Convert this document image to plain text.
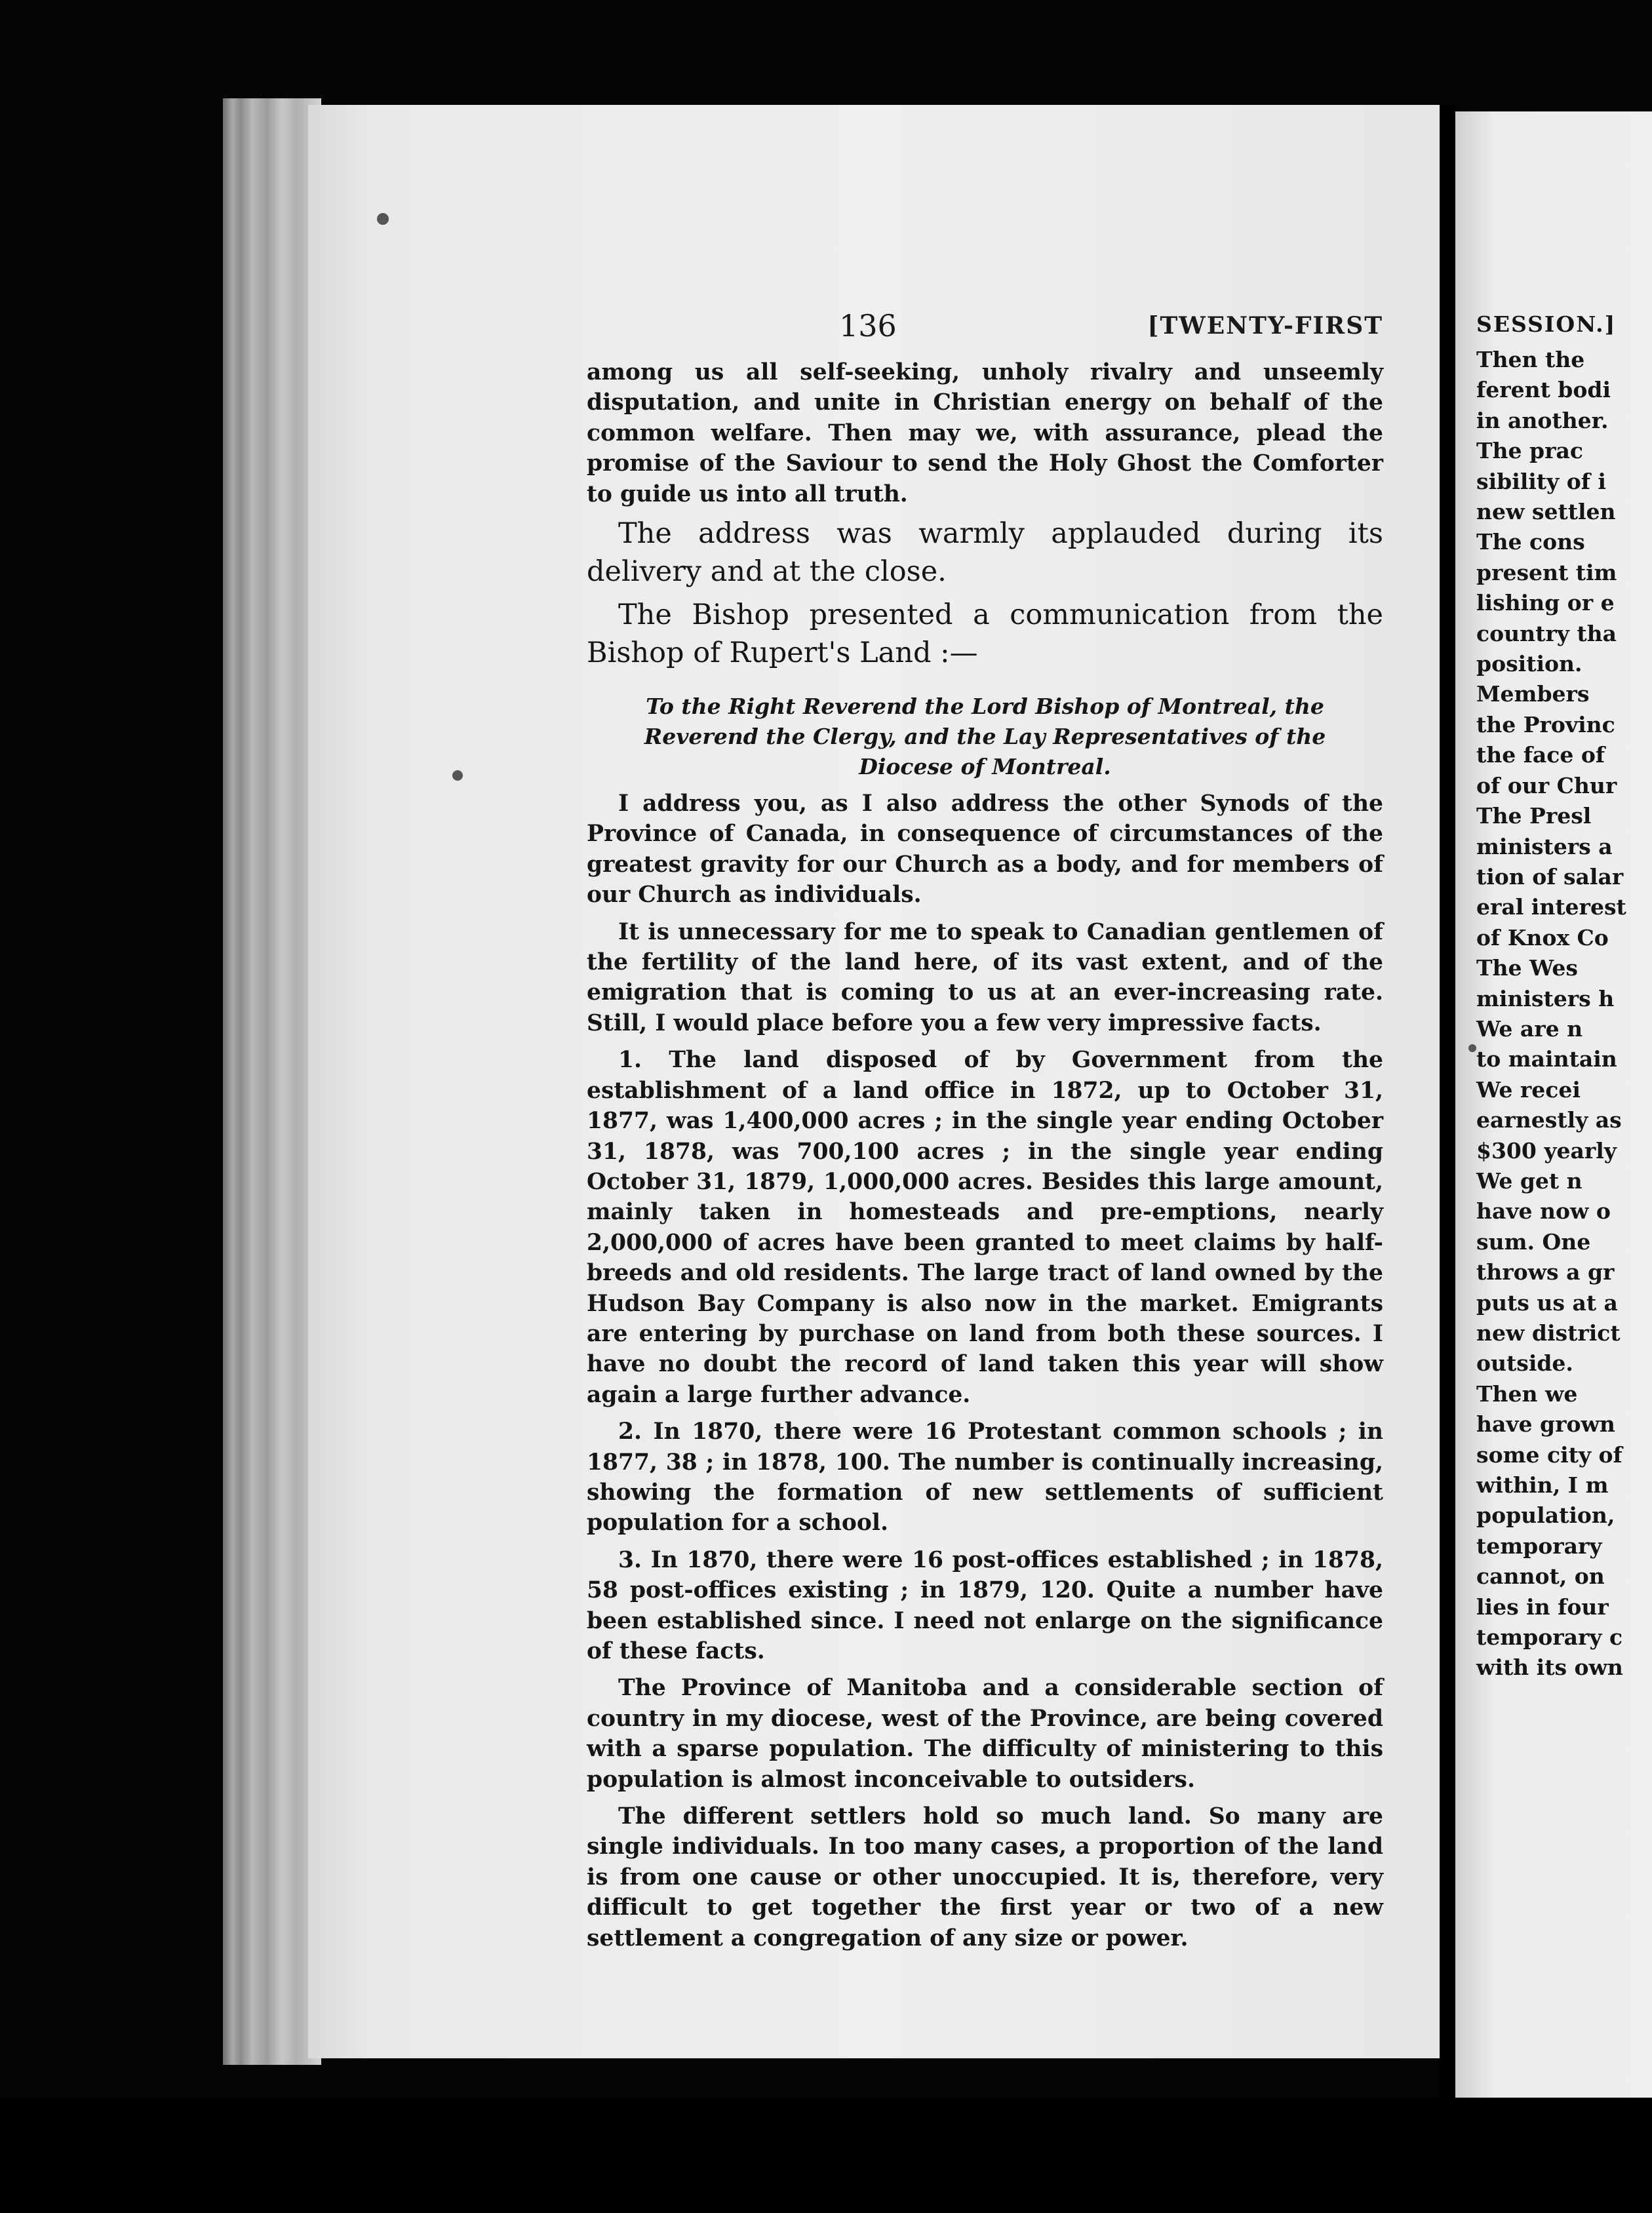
SESSION.]
Then the
ferent bodi
in another.
The prac
sibility of i
new settlen
The cons
present tim
lishing or e
country tha
position.
Members
the Provinc
the face of
of our Chur
The Presl
ministers a
tion of salar
eral interest
of Knox Co
The Wes
ministers h
We are n
to maintain
We recei
earnestly as
$300 yearly
We get n
have now o
sum. One
throws a gr
puts us at a
new district
outside.
Then we
have grown
some city of
within, I m
population,
temporary
cannot, on
lies in four
temporary c
with its own
136	[TWENTY-FIRST

among us all self-seeking, unholy rivalry and unseemly disputation, and unite in Christian energy on behalf of the common welfare. Then may we, with assurance, plead the promise of the Saviour to send the Holy Ghost the Comforter to guide us into all truth.

The address was warmly applauded during its delivery and at the close.

The Bishop presented a communication from the Bishop of Rupert's Land :—

To the Right Reverend the Lord Bishop of Montreal, the Reverend the Clergy, and the Lay Representatives of the Diocese of Montreal.

I address you, as I also address the other Synods of the Province of Canada, in consequence of circumstances of the greatest gravity for our Church as a body, and for members of our Church as individuals.

It is unnecessary for me to speak to Canadian gentlemen of the fertility of the land here, of its vast extent, and of the emigration that is coming to us at an ever-increasing rate. Still, I would place before you a few very impressive facts.

1. The land disposed of by Government from the establishment of a land office in 1872, up to October 31, 1877, was 1,400,000 acres ; in the single year ending October 31, 1878, was 700,100 acres ; in the single year ending October 31, 1879, 1,000,000 acres. Besides this large amount, mainly taken in homesteads and pre-emptions, nearly 2,000,000 of acres have been granted to meet claims by half-breeds and old residents. The large tract of land owned by the Hudson Bay Company is also now in the market. Emigrants are entering by purchase on land from both these sources. I have no doubt the record of land taken this year will show again a large further advance.

2. In 1870, there were 16 Protestant common schools ; in 1877, 38 ; in 1878, 100. The number is continually increasing, showing the formation of new settlements of sufficient population for a school.

3. In 1870, there were 16 post-offices established ; in 1878, 58 post-offices existing ; in 1879, 120. Quite a number have been established since. I need not enlarge on the significance of these facts.

The Province of Manitoba and a considerable section of country in my diocese, west of the Province, are being covered with a sparse population. The difficulty of ministering to this population is almost inconceivable to outsiders.

The different settlers hold so much land. So many are single individuals. In too many cases, a proportion of the land is from one cause or other unoccupied. It is, therefore, very difficult to get together the first year or two of a new settlement a congregation of any size or power.
